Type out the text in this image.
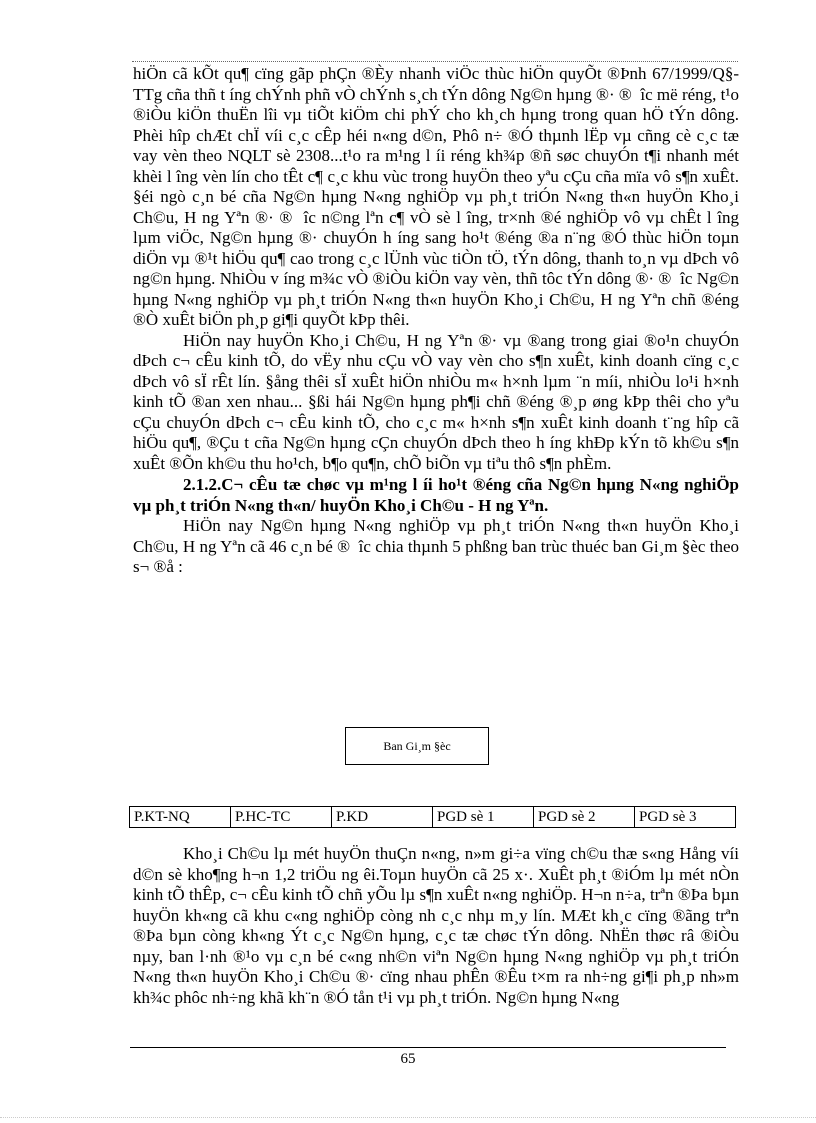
hiÖn cã kÕt qu¶ cïng gãp phÇn ®Èy nhanh viÖc thùc hiÖn quyÕt ®Þnh 67/1999/Q§-TTg cña thñ t íng chÝnh phñ vÒ chÝnh s¸ch tÝn dông Ng©n hµng ®· ® îc më réng, t¹o ®iÒu kiÖn thuËn lîi vµ tiÕt kiÖm chi phÝ cho kh¸ch hµng trong quan hÖ tÝn dông. Phèi hîp chÆt chÏ víi c¸c cÊp héi n«ng d©n, Phô n÷ ®Ó thµnh lËp vµ cñng cè c¸c tæ vay vèn theo NQLT sè 2308...t¹o ra m¹ng l íi réng kh¾p ®ñ søc chuyÓn t¶i nhanh mét khèi l îng vèn lín cho tÊt c¶ c¸c khu vùc trong huyÖn theo yªu cÇu cña mïa vô s¶n xuÊt. §éi ngò c¸n bé cña Ng©n hµng N«ng nghiÖp vµ ph¸t triÓn N«ng th«n huyÖn Kho¸i Ch©u, H ng Yªn ®· ® îc n©ng lªn c¶ vÒ sè l îng, tr×nh ®é nghiÖp vô vµ chÊt l îng lµm viÖc, Ng©n hµng ®· chuyÓn h íng sang ho¹t ®éng ®a n¨ng ®Ó thùc hiÖn toµn diÖn vµ ®¹t hiÖu qu¶ cao trong c¸c lÜnh vùc tiÒn tÖ, tÝn dông, thanh to¸n vµ dÞch vô ng©n hµng. NhiÒu v íng m¾c vÒ ®iÒu kiÖn vay vèn, thñ tôc tÝn dông ®· ® îc Ng©n hµng N«ng nghiÖp vµ ph¸t triÓn N«ng th«n huyÖn Kho¸i Ch©u, H ng Yªn chñ ®éng ®Ò xuÊt biÖn ph¸p gi¶i quyÕt kÞp thêi.

HiÖn nay huyÖn Kho¸i Ch©u, H ng Yªn ®· vµ ®ang trong giai ®o¹n chuyÓn dÞch c¬ cÊu kinh tÕ, do vËy nhu cÇu vÒ vay vèn cho s¶n xuÊt, kinh doanh cïng c¸c dÞch vô sÏ rÊt lín. §ång thêi sÏ xuÊt hiÖn nhiÒu m« h×nh lµm ¨n míi, nhiÒu lo¹i h×nh kinh tÕ ®an xen nhau... §ßi hái Ng©n hµng ph¶i chñ ®éng ®¸p øng kÞp thêi cho yªu cÇu chuyÓn dÞch c¬ cÊu kinh tÕ, cho c¸c m« h×nh s¶n xuÊt kinh doanh t¨ng hîp cã hiÖu qu¶, ®Çu t cña Ng©n hµng cÇn chuyÓn dÞch theo h íng khÐp kÝn tõ kh©u s¶n xuÊt ®Õn kh©u thu ho¹ch, b¶o qu¶n, chÕ biÕn vµ tiªu thô s¶n phÈm.

2.1.2.C¬ cÊu tæ chøc vµ m¹ng l íi ho¹t ®éng cña Ng©n hµng N«ng nghiÖp vµ ph¸t triÓn N«ng th«n/ huyÖn Kho¸i Ch©u - H ng Yªn.

HiÖn nay Ng©n hµng N«ng nghiÖp vµ ph¸t triÓn N«ng th«n huyÖn Kho¸i Ch©u, H ng Yªn cã 46 c¸n bé ® îc chia thµnh 5 phßng ban trùc thuéc ban Gi¸m §èc theo s¬ ®å :

Ban Gi¸m §èc
P.KT-NQ	P.HC-TC	P.KD	PGD sè 1	PGD sè 2	PGD sè 3

Kho¸i Ch©u lµ mét huyÖn thuÇn n«ng, n»m gi÷a vïng ch©u thæ s«ng Hång víi d©n sè kho¶ng h¬n 1,2 triÖu ng êi.Toµn huyÖn cã 25 x·. XuÊt ph¸t ®iÓm lµ mét nÒn kinh tÕ thÊp, c¬ cÊu kinh tÕ chñ yÕu lµ s¶n xuÊt n«ng nghiÖp. H¬n n÷a, trªn ®Þa bµn huyÖn kh«ng cã khu c«ng nghiÖp còng nh c¸c nhµ m¸y lín. MÆt kh¸c cïng ®ãng trªn ®Þa bµn còng kh«ng Ýt c¸c Ng©n hµng, c¸c tæ chøc tÝn dông. NhËn thøc râ ®iÒu nµy, ban l·nh ®¹o vµ c¸n bé c«ng nh©n viªn Ng©n hµng N«ng nghiÖp vµ ph¸t triÓn N«ng th«n huyÖn Kho¸i Ch©u ®· cïng nhau phÊn ®Êu t×m ra nh÷ng gi¶i ph¸p nh»m kh¾c phôc nh÷ng khã kh¨n ®Ó tån t¹i vµ ph¸t triÓn. Ng©n hµng N«ng

65
